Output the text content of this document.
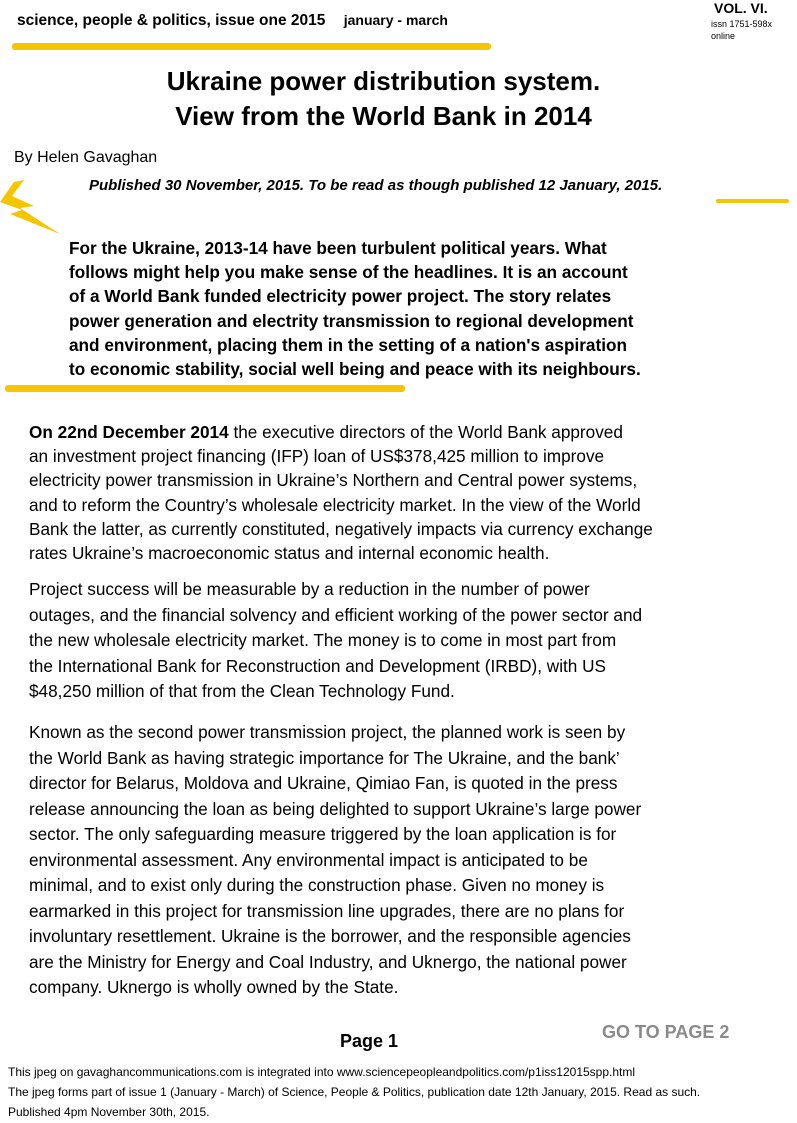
science, people & politics, issue one 2015 january - march
VOL. VI.
issn 1751-598x
online
Ukraine power distribution system.
View from the World Bank in 2014
By Helen Gavaghan
Published 30 November, 2015. To be read as though published 12 January, 2015.
For the Ukraine, 2013-14 have been turbulent political years. What
follows might help you make sense of the headlines. It is an account
of a World Bank funded electricity power project. The story relates
power generation and electrity transmission to regional development
and environment, placing them in the setting of a nation's aspiration
to economic stability, social well being and peace with its neighbours.
On 22nd December 2014 the executive directors of the World Bank approved
an investment project financing (IFP) loan of US$378,425 million to improve
electricity power transmission in Ukraine’s Northern and Central power systems,
and to reform the Country’s wholesale electricity market. In the view of the World
Bank the latter, as currently constituted, negatively impacts via currency exchange
rates Ukraine’s macroeconomic status and internal economic health.
Project success will be measurable by a reduction in the number of power
outages, and the financial solvency and efficient working of the power sector and
the new wholesale electricity market. The money is to come in most part from
the International Bank for Reconstruction and Development (IRBD), with US
$48,250 million of that from the Clean Technology Fund.
Known as the second power transmission project, the planned work is seen by
the World Bank as having strategic importance for The Ukraine, and the bank’
director for Belarus, Moldova and Ukraine, Qimiao Fan, is quoted in the press
release announcing the loan as being delighted to support Ukraine’s large power
sector. The only safeguarding measure triggered by the loan application is for
environmental assessment. Any environmental impact is anticipated to be
minimal, and to exist only during the construction phase. Given no money is
earmarked in this project for transmission line upgrades, there are no plans for
involuntary resettlement. Ukraine is the borrower, and the responsible agencies
are the Ministry for Energy and Coal Industry, and Uknergo, the national power
company. Uknergo is wholly owned by the State.
Page 1	GO TO PAGE 2
This jpeg on gavaghancommunications.com is integrated into www.sciencepeopleandpolitics.com/p1iss12015spp.html
The jpeg forms part of issue 1 (January - March) of Science, People & Politics, publication date 12th January, 2015. Read as such.
Published 4pm November 30th, 2015.
